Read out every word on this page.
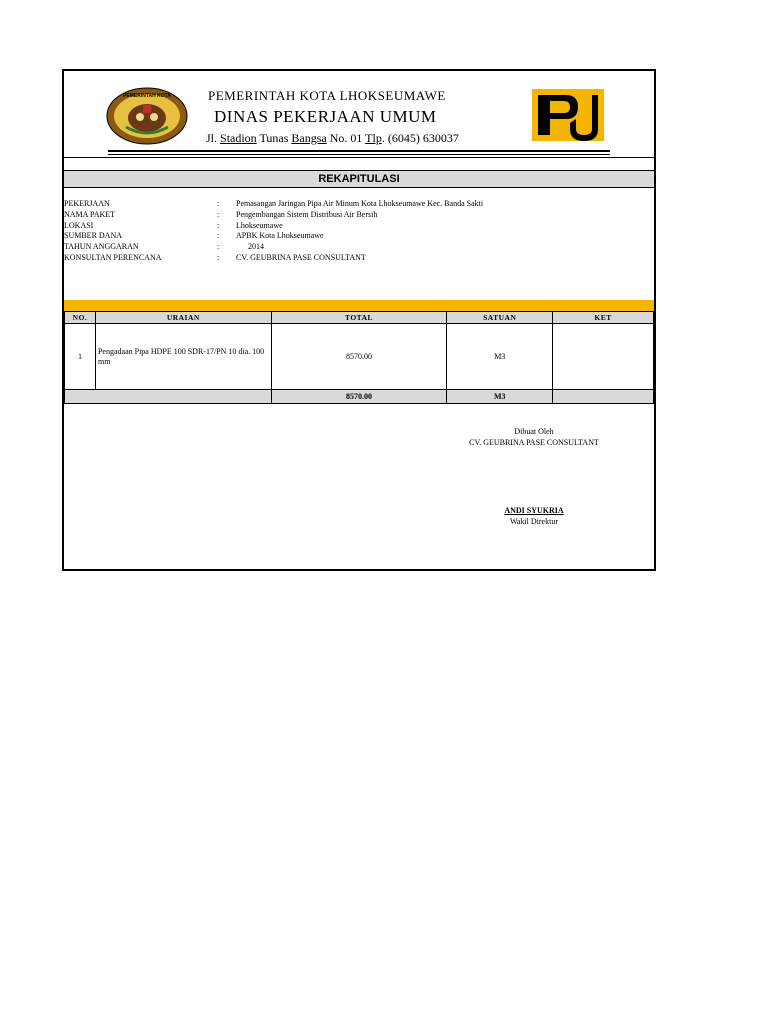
PEMERINTAH KOTA	PEMERINTAH KOTA LHOKSEUMAWE
DINAS PEKERJAAN UMUM
Jl. Stadion Tunas Bangsa No. 01 Tlp. (6045) 630037
REKAPITULASI
PEKERJAAN	: Pemasangan Jaringan Pipa Air Minum Kota Lhokseumawe Kec. Banda Sakti
NAMA PAKET	: Pengembangan Sistem Distribusi Air Bersih
LOKASI	: Lhokseumawe
SUMBER DANA	: APBK Kota Lhokseumawe
TAHUN ANGGARAN	: 2014
KONSULTAN PERENCANA	: CV. GEUBRINA PASE CONSULTANT
NO.	URAIAN	TOTAL	SATUAN	KET
1	Pengadaan Pipa HDPE 100 SDR-17/PN 10 dia. 100 mm	8570.00	M3	
		8570.00	M3	
Dibuat Oleh
CV. GEUBRINA PASE CONSULTANT
ANDI SYUKRIA
Wakil Direktur
